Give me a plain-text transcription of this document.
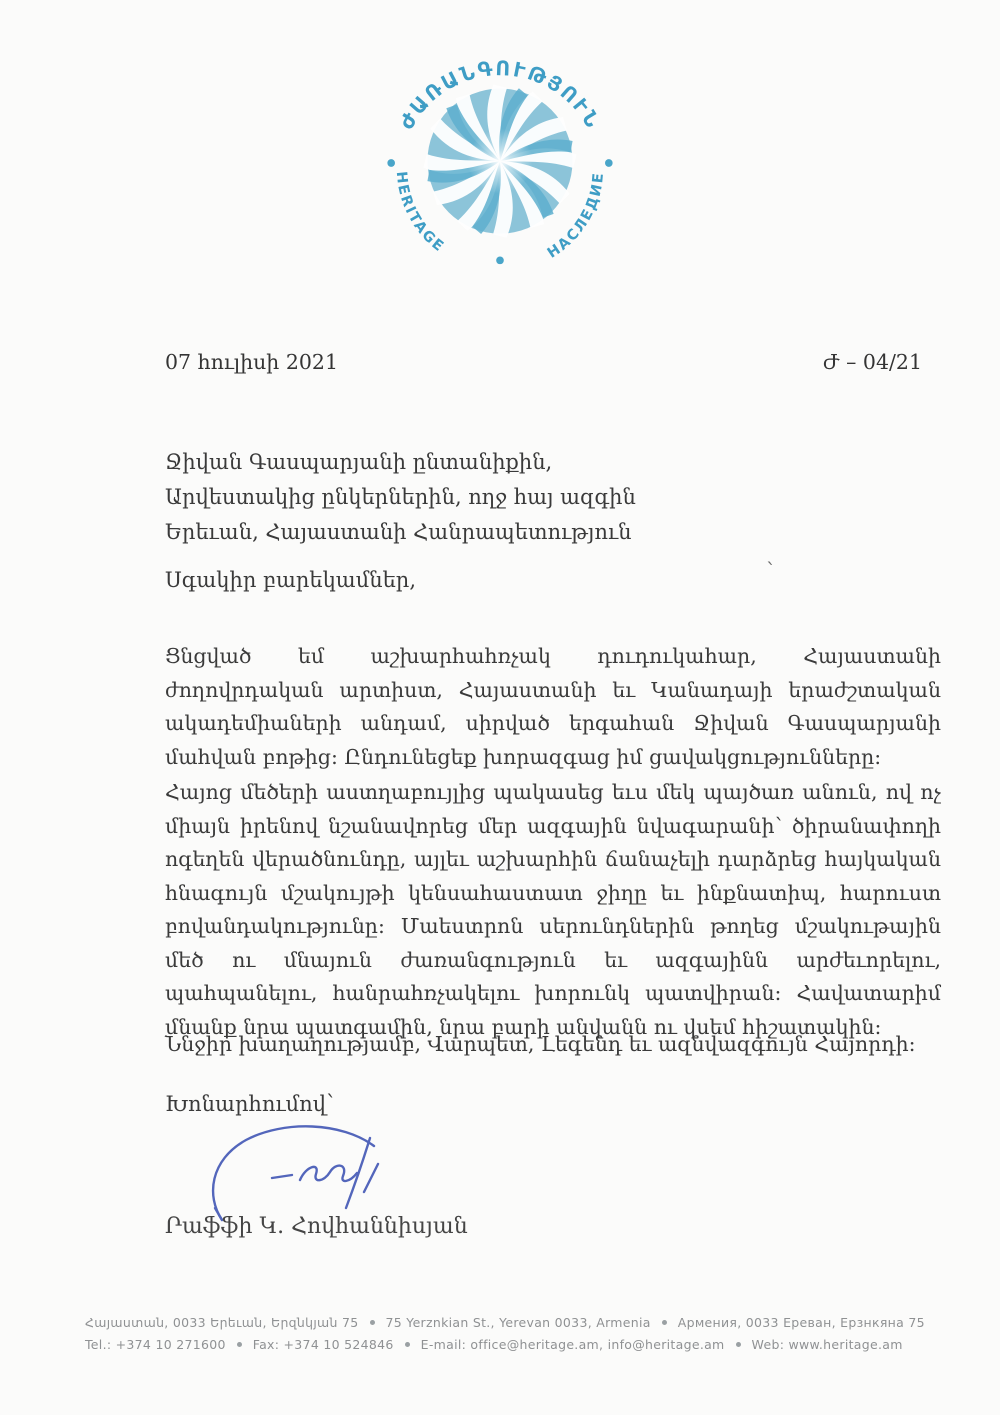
ԺԱՌԱՆԳՈՒԹՅՈՒՆ
HERITAGE	НАСЛЕДИЕ
07 հուլիսի 2021	Ժ – 04/21
Ջիվան Գասպարյանի ընտանիքին,
Արվեստակից ընկերներին, ողջ հայ ազգին
Երեւան, Հայաստանի Հանրապետություն
՝
Սգակիր բարեկամներ,
Ցնցված եմ աշխարհահռչակ դուդուկահար, Հայաստանի ժողովրդական արտիստ, Հայաստանի եւ Կանադայի երաժշտական ակադեմիաների անդամ, սիրված երգահան Ջիվան Գասպարյանի մահվան բոթից: Ընդունեցեք խորազգաց իմ ցավակցությունները:
Հայոց մեծերի աստղաբույլից պակասեց եւս մեկ պայծառ անուն, ով ոչ միայն իրենով նշանավորեց մեր ազգային նվագարանի՝ ծիրանափողի ոգեղեն վերածնունդը, այլեւ աշխարհին ճանաչելի դարձրեց հայկական հնագույն մշակույթի կենսահաստատ ջիղը եւ ինքնատիպ, հարուստ բովանդակությունը: Մաեստրոն սերունդներին թողեց մշակութային մեծ ու մնայուն ժառանգություն եւ ազգայինն արժեւորելու, պահպանելու, հանրահռչակելու խորունկ պատվիրան: Հավատարիմ մնանք նրա պատգամին, նրա բարի անվանն ու վսեմ հիշատակին:
Ննջիր խաղաղությամբ, Վարպետ, Լեգենդ եւ ազնվազգույն Հայորդի:
Խոնարհումով՝
Րաֆֆի Կ. Հովհաննիսյան
Հայաստան, 0033 Երեւան, Երզնկյան 75 75 Yerznkian St., Yerevan 0033, Armenia Армения, 0033 Ереван, Ерзнкяна 75
Tel.: +374 10 271600 Fax: +374 10 524846 E-mail: office@heritage.am, info@heritage.am Web: www.heritage.am
